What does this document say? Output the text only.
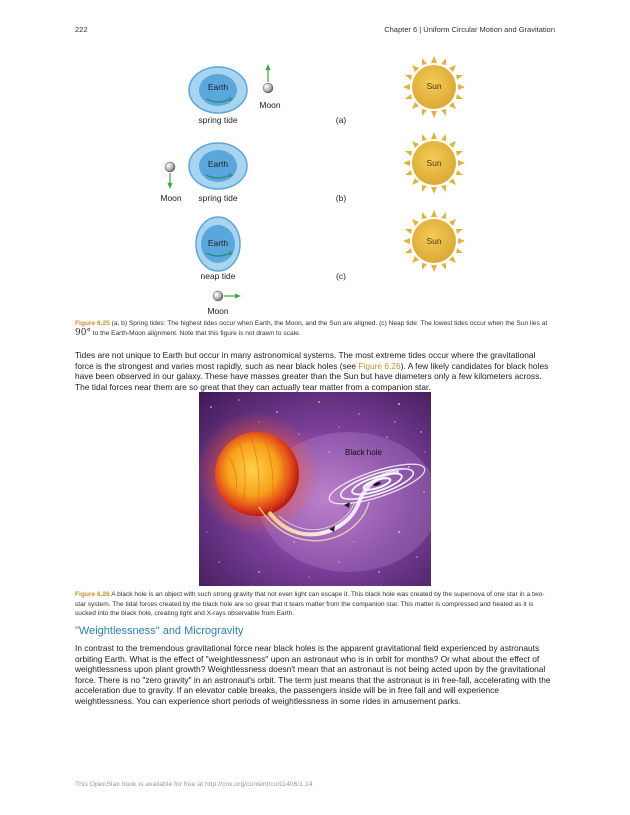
222	Chapter 6 | Uniform Circular Motion and Gravitation
Earth
Moon
spring tide	(a)
Sun
Earth
Moon	spring tide	(b)
Sun
Earth
neap tide	(c)
Moon
Sun
Figure 6.25 (a, b) Spring tides: The highest tides occur when Earth, the Moon, and the Sun are aligned. (c) Neap tide: The lowest tides occur when the Sun lies at 90° to the Earth-Moon alignment. Note that this figure is not drawn to scale.
Tides are not unique to Earth but occur in many astronomical systems. The most extreme tides occur where the gravitational force is the strongest and varies most rapidly, such as near black holes (see Figure 6.26). A few likely candidates for black holes have been observed in our galaxy. These have masses greater than the Sun but have diameters only a few kilometers across. The tidal forces near them are so great that they can actually tear matter from a companion star.
Black hole
Figure 6.26 A black hole is an object with such strong gravity that not even light can escape it. This black hole was created by the supernova of one star in a two-star system. The tidal forces created by the black hole are so great that it tears matter from the companion star. This matter is compressed and heated as it is sucked into the black hole, creating light and X-rays observable from Earth.
"Weightlessness" and Microgravity
In contrast to the tremendous gravitational force near black holes is the apparent gravitational field experienced by astronauts orbiting Earth. What is the effect of "weightlessness" upon an astronaut who is in orbit for months? Or what about the effect of weightlessness upon plant growth? Weightlessness doesn't mean that an astronaut is not being acted upon by the gravitational force. There is no "zero gravity" in an astronaut's orbit. The term just means that the astronaut is in free-fall, accelerating with the acceleration due to gravity. If an elevator cable breaks, the passengers inside will be in free fall and will experience weightlessness. You can experience short periods of weightlessness in some rides in amusement parks.
This OpenStax book is available for free at http://cnx.org/content/col11406/1.14
